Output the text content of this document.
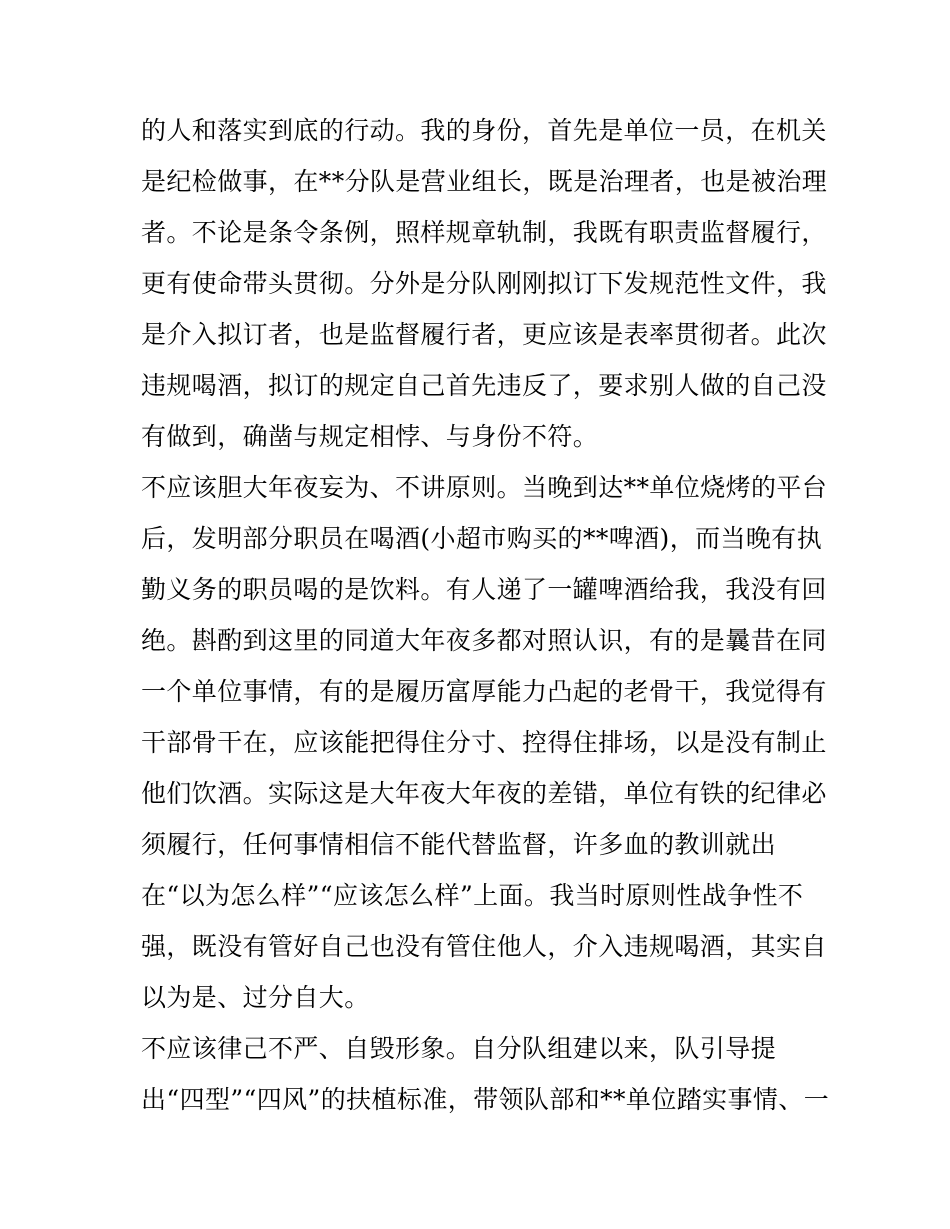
的人和落实到底的行动。我的身份，首先是单位一员，在机关
是纪检做事，在**分队是营业组长，既是治理者，也是被治理
者。不论是条令条例，照样规章轨制，我既有职责监督履行，
更有使命带头贯彻。分外是分队刚刚拟订下发规范性文件，我
是介入拟订者，也是监督履行者，更应该是表率贯彻者。此次
违规喝酒，拟订的规定自己首先违反了，要求别人做的自己没
有做到，确凿与规定相悖、与身份不符。
不应该胆大年夜妄为、不讲原则。当晚到达**单位烧烤的平台
后，发明部分职员在喝酒(小超市购买的**啤酒)，而当晚有执
勤义务的职员喝的是饮料。有人递了一罐啤酒给我，我没有回
绝。斟酌到这里的同道大年夜多都对照认识，有的是曩昔在同
一个单位事情，有的是履历富厚能力凸起的老骨干，我觉得有
干部骨干在，应该能把得住分寸、控得住排场，以是没有制止
他们饮酒。实际这是大年夜大年夜的差错，单位有铁的纪律必
须履行，任何事情相信不能代替监督，许多血的教训就出
在“以为怎么样”“应该怎么样”上面。我当时原则性战争性不
强，既没有管好自己也没有管住他人，介入违规喝酒，其实自
以为是、过分自大。
不应该律己不严、自毁形象。自分队组建以来，队引导提
出“四型”“四风”的扶植标准，带领队部和**单位踏实事情、一
